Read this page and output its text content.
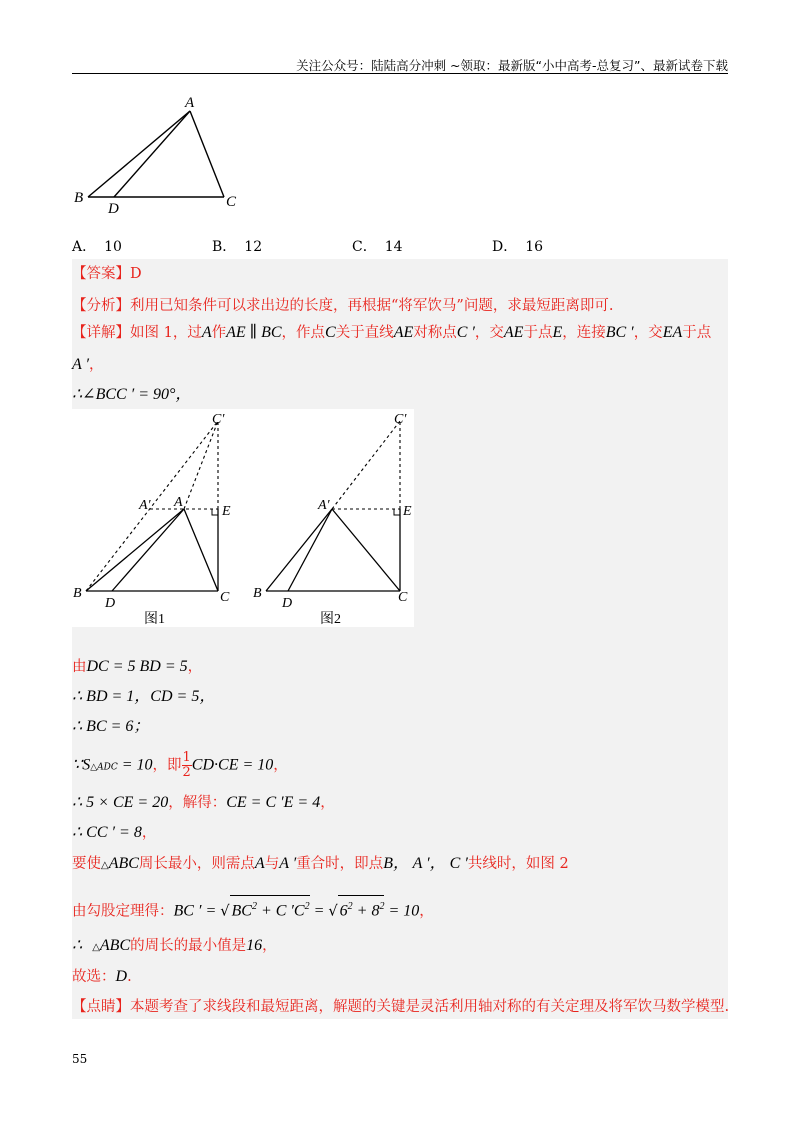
关注公众号：陆陆高分冲刺 ~领取：最新版“小中高考-总复习”、最新试卷下载
A
B	C
D
A． 10	B． 12	C． 14	D． 16
【答案】D
【分析】利用已知条件可以求出边的长度，再根据“将军饮马”问题，求最短距离即可.
【详解】如图 1，过A作AE ∥ BC，作点C关于直线AE对称点C ′，交AE于点E，连接BC ′，交EA于点
A ′，
∴∠BCC ′ = 90°，
C′
A′ A
E
B
D	C
图1
C′
A′	E
B
D	C
图2
由DC = 5 BD = 5，
∴ BD = 1，CD = 5，
∴ BC = 6；
∵S△ADC = 10，即 $\frac{1}{2} CD\cdot CE = 10$，
∴ 5 × CE = 20，解得：CE = C ′E = 4，
∴ CC ′ = 8，
要使△ABC周长最小，则需点A与A ′重合时，即点B， A ′， C ′共线时，如图 2
由勾股定理得：BC ′ = √ $BC^2 + C$ $'C^2$ = √ $6^2 + 8^2 = 10$，
∴ △ABC的周长的最小值是16，
故选：D.
【点睛】本题考查了求线段和最短距离，解题的关键是灵活利用轴对称的有关定理及将军饮马数学模型.
55
